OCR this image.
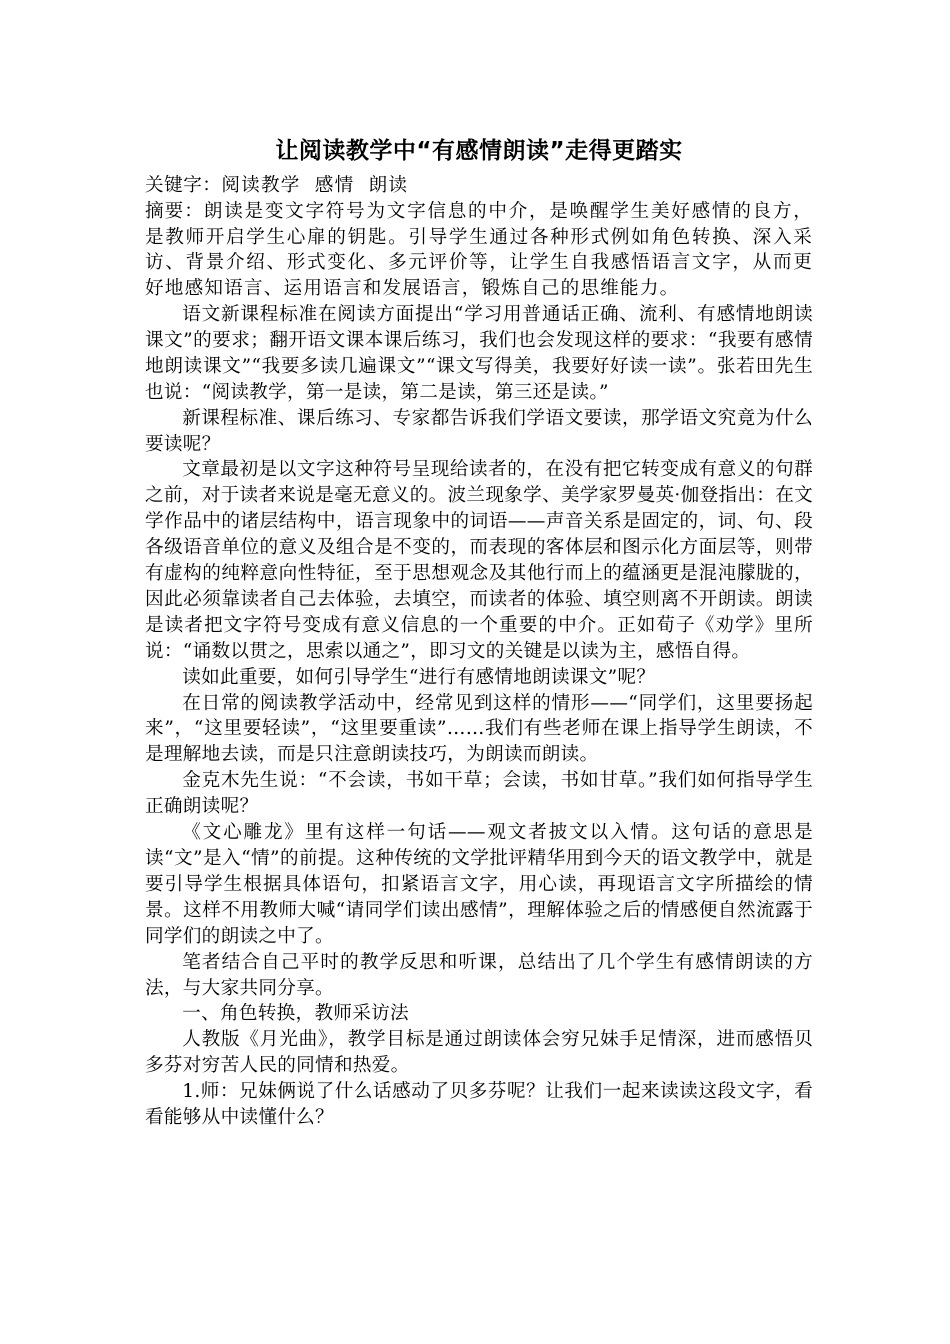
让阅读教学中“有感情朗读”走得更踏实

关键字：阅读教学  感情  朗读

摘要：朗读是变文字符号为文字信息的中介，是唤醒学生美好感情的良方，是教师开启学生心扉的钥匙。引导学生通过各种形式例如角色转换、深入采访、背景介绍、形式变化、多元评价等，让学生自我感悟语言文字，从而更好地感知语言、运用语言和发展语言，锻炼自己的思维能力。

语文新课程标准在阅读方面提出“学习用普通话正确、流利、有感情地朗读课文”的要求；翻开语文课本课后练习，我们也会发现这样的要求：“我要有感情地朗读课文”“我要多读几遍课文”“课文写得美，我要好好读一读”。张若田先生也说：“阅读教学，第一是读，第二是读，第三还是读。”

新课程标准、课后练习、专家都告诉我们学语文要读，那学语文究竟为什么要读呢？

文章最初是以文字这种符号呈现给读者的，在没有把它转变成有意义的句群之前，对于读者来说是毫无意义的。波兰现象学、美学家罗曼英·伽登指出：在文学作品中的诸层结构中，语言现象中的词语——声音关系是固定的，词、句、段各级语音单位的意义及组合是不变的，而表现的客体层和图示化方面层等，则带有虚构的纯粹意向性特征，至于思想观念及其他行而上的蕴涵更是混沌朦胧的，因此必须靠读者自己去体验，去填空，而读者的体验、填空则离不开朗读。朗读是读者把文字符号变成有意义信息的一个重要的中介。正如荀子《劝学》里所说：“诵数以贯之，思索以通之”，即习文的关键是以读为主，感悟自得。

读如此重要，如何引导学生“进行有感情地朗读课文”呢？

在日常的阅读教学活动中，经常见到这样的情形——“同学们，这里要扬起来”，“这里要轻读”，“这里要重读”……我们有些老师在课上指导学生朗读，不是理解地去读，而是只注意朗读技巧，为朗读而朗读。

金克木先生说：“不会读，书如干草；会读，书如甘草。”我们如何指导学生正确朗读呢？

《文心雕龙》里有这样一句话——观文者披文以入情。这句话的意思是读“文”是入“情”的前提。这种传统的文学批评精华用到今天的语文教学中，就是要引导学生根据具体语句，扣紧语言文字，用心读，再现语言文字所描绘的情景。这样不用教师大喊“请同学们读出感情”，理解体验之后的情感便自然流露于同学们的朗读之中了。

笔者结合自己平时的教学反思和听课，总结出了几个学生有感情朗读的方法，与大家共同分享。

一、角色转换，教师采访法

人教版《月光曲》，教学目标是通过朗读体会穷兄妹手足情深，进而感悟贝多芬对穷苦人民的同情和热爱。

1.师：兄妹俩说了什么话感动了贝多芬呢？让我们一起来读读这段文字，看看能够从中读懂什么？
